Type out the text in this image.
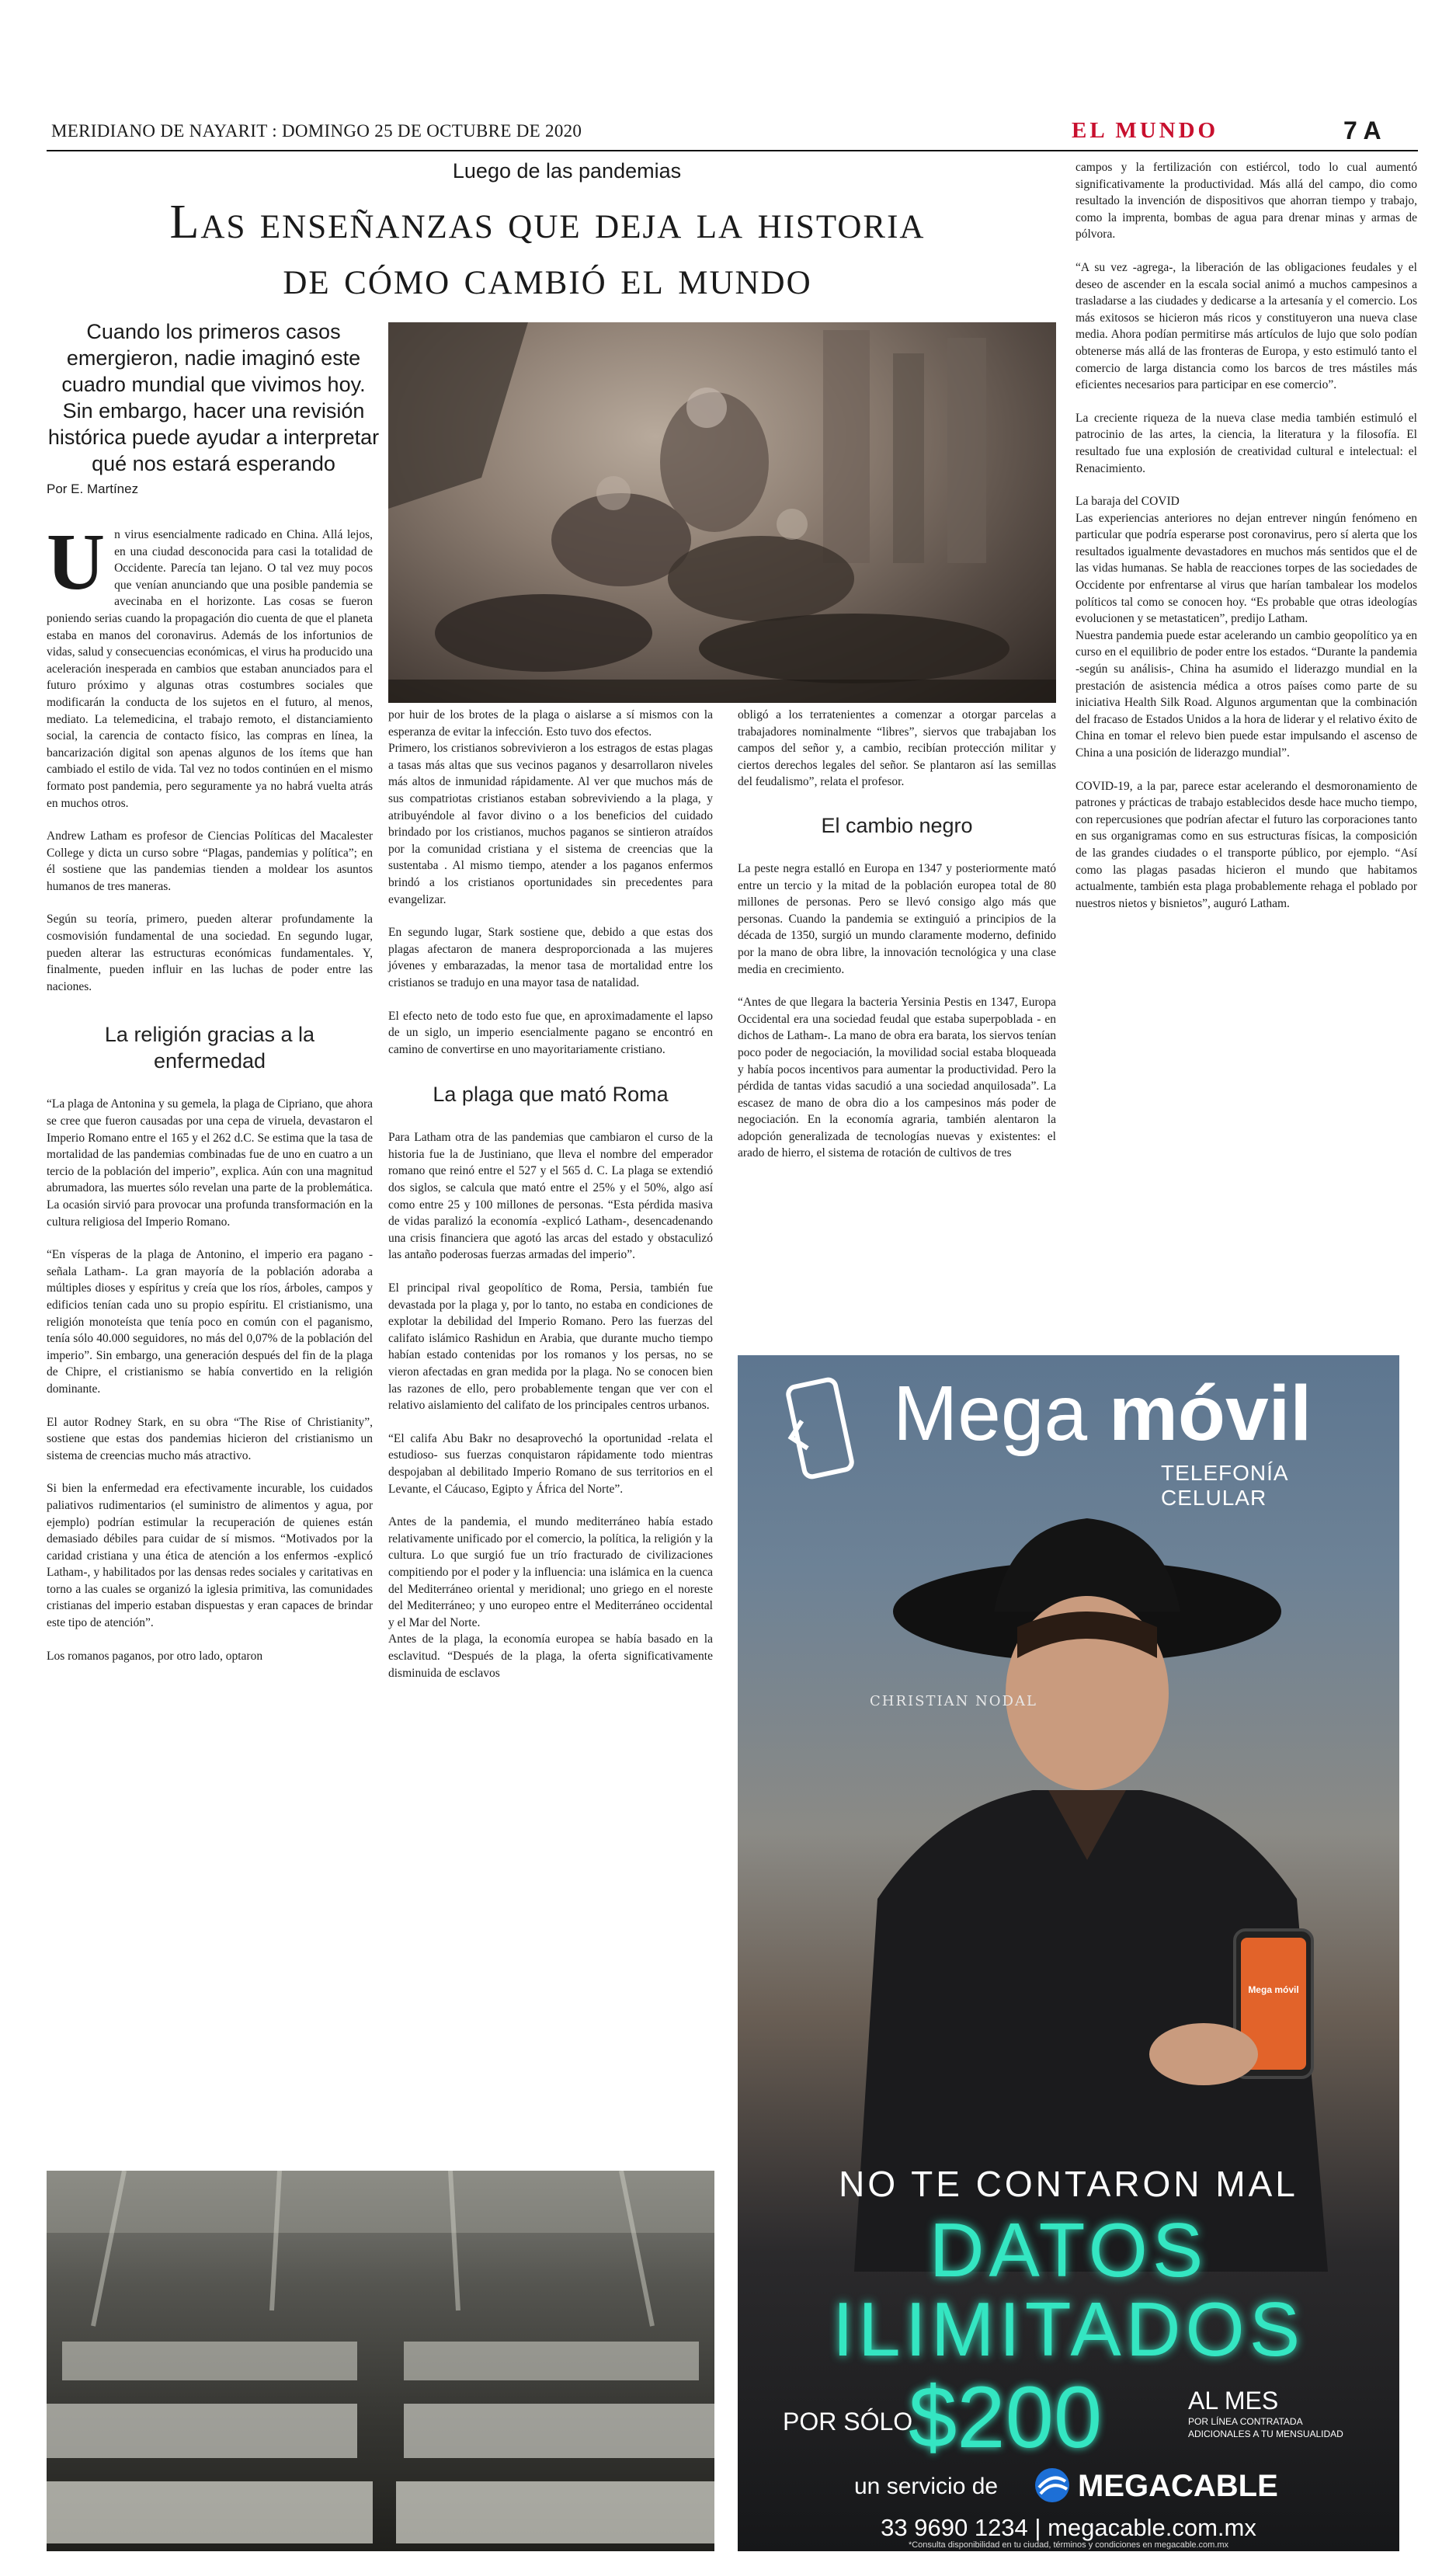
MERIDIANO DE NAYARIT : DOMINGO 25 DE OCTUBRE DE 2020	EL MUNDO	7 A
Luego de las pandemias
Las enseñanzas que deja la historia
de cómo cambió el mundo
Cuando los primeros casos emergieron, nadie imaginó este cuadro mundial que vivimos hoy. Sin embargo, hacer una revisión histórica puede ayudar a interpretar qué nos estará esperando
Por E. Martínez

U n virus esencialmente radicado en China. Allá lejos, en una ciudad desconocida para casi la totalidad de Occidente. Parecía tan lejano. O tal vez muy pocos que venían anunciando que una posible pandemia se avecinaba en el horizonte. Las cosas se fueron poniendo serias cuando la propagación dio cuenta de que el planeta estaba en manos del coronavirus. Además de los infortunios de vidas, salud y consecuencias económicas, el virus ha producido una aceleración inesperada en cambios que estaban anunciados para el futuro próximo y algunas otras costumbres sociales que modificarán la conducta de los sujetos en el futuro, al menos, mediato. La telemedicina, el trabajo remoto, el distanciamiento social, la carencia de contacto físico, las compras en línea, la bancarización digital son apenas algunos de los ítems que han cambiado el estilo de vida. Tal vez no todos continúen en el mismo formato post pandemia, pero seguramente ya no habrá vuelta atrás en muchos otros.

Andrew Latham es profesor de Ciencias Políticas del Macalester College y dicta un curso sobre “Plagas, pandemias y política”; en él sostiene que las pandemias tienden a moldear los asuntos humanos de tres maneras.

Según su teoría, primero, pueden alterar profundamente la cosmovisión fundamental de una sociedad. En segundo lugar, pueden alterar las estructuras económicas fundamentales. Y, finalmente, pueden influir en las luchas de poder entre las naciones.

La religión gracias a la enfermedad

“La plaga de Antonina y su gemela, la plaga de Cipriano, que ahora se cree que fueron causadas por una cepa de viruela, devastaron el Imperio Romano entre el 165 y el 262 d.C. Se estima que la tasa de mortalidad de las pandemias combinadas fue de uno en cuatro a un tercio de la población del imperio”, explica. Aún con una magnitud abrumadora, las muertes sólo revelan una parte de la problemática. La ocasión sirvió para provocar una profunda transformación en la cultura religiosa del Imperio Romano.

“En vísperas de la plaga de Antonino, el imperio era pagano -señala Latham-. La gran mayoría de la población adoraba a múltiples dioses y espíritus y creía que los ríos, árboles, campos y edificios tenían cada uno su propio espíritu. El cristianismo, una religión monoteísta que tenía poco en común con el paganismo, tenía sólo 40.000 seguidores, no más del 0,07% de la población del imperio”. Sin embargo, una generación después del fin de la plaga de Chipre, el cristianismo se había convertido en la religión dominante.

El autor Rodney Stark, en su obra “The Rise of Christianity”, sostiene que estas dos pandemias hicieron del cristianismo un sistema de creencias mucho más atractivo.

Si bien la enfermedad era efectivamente incurable, los cuidados paliativos rudimentarios (el suministro de alimentos y agua, por ejemplo) podrían estimular la recuperación de quienes están demasiado débiles para cuidar de sí mismos. “Motivados por la caridad cristiana y una ética de atención a los enfermos -explicó Latham-, y habilitados por las densas redes sociales y caritativas en torno a las cuales se organizó la iglesia primitiva, las comunidades cristianas del imperio estaban dispuestas y eran capaces de brindar este tipo de atención”.

Los romanos paganos, por otro lado, optaron

por huir de los brotes de la plaga o aislarse a sí mismos con la esperanza de evitar la infección. Esto tuvo dos efectos.

Primero, los cristianos sobrevivieron a los estragos de estas plagas a tasas más altas que sus vecinos paganos y desarrollaron niveles más altos de inmunidad rápidamente. Al ver que muchos más de sus compatriotas cristianos estaban sobreviviendo a la plaga, y atribuyéndole al favor divino o a los beneficios del cuidado brindado por los cristianos, muchos paganos se sintieron atraídos por la comunidad cristiana y el sistema de creencias que la sustentaba . Al mismo tiempo, atender a los paganos enfermos brindó a los cristianos oportunidades sin precedentes para evangelizar.

En segundo lugar, Stark sostiene que, debido a que estas dos plagas afectaron de manera desproporcionada a las mujeres jóvenes y embarazadas, la menor tasa de mortalidad entre los cristianos se tradujo en una mayor tasa de natalidad.

El efecto neto de todo esto fue que, en aproximadamente el lapso de un siglo, un imperio esencialmente pagano se encontró en camino de convertirse en uno mayoritariamente cristiano.

La plaga que mató Roma

Para Latham otra de las pandemias que cambiaron el curso de la historia fue la de Justiniano, que lleva el nombre del emperador romano que reinó entre el 527 y el 565 d. C. La plaga se extendió dos siglos, se calcula que mató entre el 25% y el 50%, algo así como entre 25 y 100 millones de personas. “Esta pérdida masiva de vidas paralizó la economía -explicó Latham-, desencadenando una crisis financiera que agotó las arcas del estado y obstaculizó las antaño poderosas fuerzas armadas del imperio”.

El principal rival geopolítico de Roma, Persia, también fue devastada por la plaga y, por lo tanto, no estaba en condiciones de explotar la debilidad del Imperio Romano. Pero las fuerzas del califato islámico Rashidun en Arabia, que durante mucho tiempo habían estado contenidas por los romanos y los persas, no se vieron afectadas en gran medida por la plaga. No se conocen bien las razones de ello, pero probablemente tengan que ver con el relativo aislamiento del califato de los principales centros urbanos.

“El califa Abu Bakr no desaprovechó la oportunidad -relata el estudioso- sus fuerzas conquistaron rápidamente todo mientras despojaban al debilitado Imperio Romano de sus territorios en el Levante, el Cáucaso, Egipto y África del Norte”.

Antes de la pandemia, el mundo mediterráneo había estado relativamente unificado por el comercio, la política, la religión y la cultura. Lo que surgió fue un trío fracturado de civilizaciones compitiendo por el poder y la influencia: una islámica en la cuenca del Mediterráneo oriental y meridional; uno griego en el noreste del Mediterráneo; y uno europeo entre el Mediterráneo occidental y el Mar del Norte.

Antes de la plaga, la economía europea se había basado en la esclavitud. “Después de la plaga, la oferta significativamente disminuida de esclavos

obligó a los terratenientes a comenzar a otorgar parcelas a trabajadores nominalmente “libres”, siervos que trabajaban los campos del señor y, a cambio, recibían protección militar y ciertos derechos legales del señor. Se plantaron así las semillas del feudalismo”, relata el profesor.

El cambio negro

La peste negra estalló en Europa en 1347 y posteriormente mató entre un tercio y la mitad de la población europea total de 80 millones de personas. Pero se llevó consigo algo más que personas. Cuando la pandemia se extinguió a principios de la década de 1350, surgió un mundo claramente moderno, definido por la mano de obra libre, la innovación tecnológica y una clase media en crecimiento.

“Antes de que llegara la bacteria Yersinia Pestis en 1347, Europa Occidental era una sociedad feudal que estaba superpoblada - en dichos de Latham-. La mano de obra era barata, los siervos tenían poco poder de negociación, la movilidad social estaba bloqueada y había pocos incentivos para aumentar la productividad. Pero la pérdida de tantas vidas sacudió a una sociedad anquilosada”. La escasez de mano de obra dio a los campesinos más poder de negociación. En la economía agraria, también alentaron la adopción generalizada de tecnologías nuevas y existentes: el arado de hierro, el sistema de rotación de cultivos de tres

campos y la fertilización con estiércol, todo lo cual aumentó significativamente la productividad. Más allá del campo, dio como resultado la invención de dispositivos que ahorran tiempo y trabajo, como la imprenta, bombas de agua para drenar minas y armas de pólvora.

“A su vez -agrega-, la liberación de las obligaciones feudales y el deseo de ascender en la escala social animó a muchos campesinos a trasladarse a las ciudades y dedicarse a la artesanía y el comercio. Los más exitosos se hicieron más ricos y constituyeron una nueva clase media. Ahora podían permitirse más artículos de lujo que solo podían obtenerse más allá de las fronteras de Europa, y esto estimuló tanto el comercio de larga distancia como los barcos de tres mástiles más eficientes necesarios para participar en ese comercio”.

La creciente riqueza de la nueva clase media también estimuló el patrocinio de las artes, la ciencia, la literatura y la filosofía. El resultado fue una explosión de creatividad cultural e intelectual: el Renacimiento.

La baraja del COVID

Las experiencias anteriores no dejan entrever ningún fenómeno en particular que podría esperarse post coronavirus, pero sí alerta que los resultados igualmente devastadores en muchos más sentidos que el de las vidas humanas. Se habla de reacciones torpes de las sociedades de Occidente por enfrentarse al virus que harían tambalear los modelos políticos tal como se conocen hoy. “Es probable que otras ideologías evolucionen y se metastaticen”, predijo Latham.

Nuestra pandemia puede estar acelerando un cambio geopolítico ya en curso en el equilibrio de poder entre los estados. “Durante la pandemia -según su análisis-, China ha asumido el liderazgo mundial en la prestación de asistencia médica a otros países como parte de su iniciativa Health Silk Road. Algunos argumentan que la combinación del fracaso de Estados Unidos a la hora de liderar y el relativo éxito de China en tomar el relevo bien puede estar impulsando el ascenso de China a una posición de liderazgo mundial”.

COVID-19, a la par, parece estar acelerando el desmoronamiento de patrones y prácticas de trabajo establecidos desde hace mucho tiempo, con repercusiones que podrían afectar el futuro las corporaciones tanto en sus organigramas como en sus estructuras físicas, la composición de las grandes ciudades o el transporte público, por ejemplo. “Así como las plagas pasadas hicieron el mundo que habitamos actualmente, también esta plaga probablemente rehaga el poblado por nuestros nietos y bisnietos”, auguró Latham.

Mega móvil
TELEFONÍA CELULAR
Mega móvil
CHRISTIAN NODAL
NO TE CONTARON MAL
DATOS
ILIMITADOS
POR SÓLO
$200	AL MES
POR LÍNEA CONTRATADA
ADICIONALES A TU MENSUALIDAD
un servicio de	MEGACABLE
33 9690 1234 | megacable.com.mx
*Consulta disponibilidad en tu ciudad, términos y condiciones en megacable.com.mx
